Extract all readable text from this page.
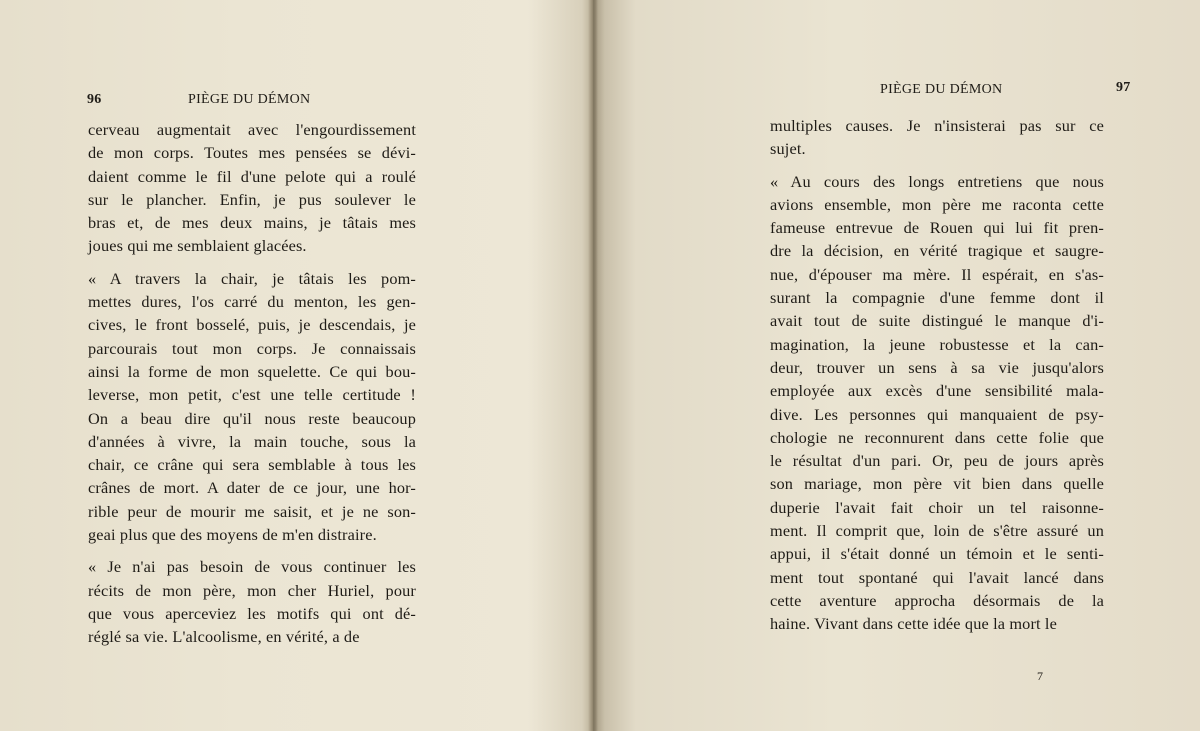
96	PIÈGE DU DÉMON
cerveau augmentait avec l'engourdissement
de mon corps. Toutes mes pensées se dévi-
daient comme le fil d'une pelote qui a roulé
sur le plancher. Enfin, je pus soulever le
bras et, de mes deux mains, je tâtais mes
joues qui me semblaient glacées.
« A travers la chair, je tâtais les pom-
mettes dures, l'os carré du menton, les gen-
cives, le front bosselé, puis, je descendais, je
parcourais tout mon corps. Je connaissais
ainsi la forme de mon squelette. Ce qui bou-
leverse, mon petit, c'est une telle certitude !
On a beau dire qu'il nous reste beaucoup
d'années à vivre, la main touche, sous la
chair, ce crâne qui sera semblable à tous les
crânes de mort. A dater de ce jour, une hor-
rible peur de mourir me saisit, et je ne son-
geai plus que des moyens de m'en distraire.
« Je n'ai pas besoin de vous continuer les
récits de mon père, mon cher Huriel, pour
que vous aperceviez les motifs qui ont dé-
réglé sa vie. L'alcoolisme, en vérité, a de
PIÈGE DU DÉMON	97
multiples causes. Je n'insisterai pas sur ce
sujet.
« Au cours des longs entretiens que nous
avions ensemble, mon père me raconta cette
fameuse entrevue de Rouen qui lui fit pren-
dre la décision, en vérité tragique et saugre-
nue, d'épouser ma mère. Il espérait, en s'as-
surant la compagnie d'une femme dont il
avait tout de suite distingué le manque d'i-
magination, la jeune robustesse et la can-
deur, trouver un sens à sa vie jusqu'alors
employée aux excès d'une sensibilité mala-
dive. Les personnes qui manquaient de psy-
chologie ne reconnurent dans cette folie que
le résultat d'un pari. Or, peu de jours après
son mariage, mon père vit bien dans quelle
duperie l'avait fait choir un tel raisonne-
ment. Il comprit que, loin de s'être assuré un
appui, il s'était donné un témoin et le senti-
ment tout spontané qui l'avait lancé dans
cette aventure approcha désormais de la
haine. Vivant dans cette idée que la mort le
7
